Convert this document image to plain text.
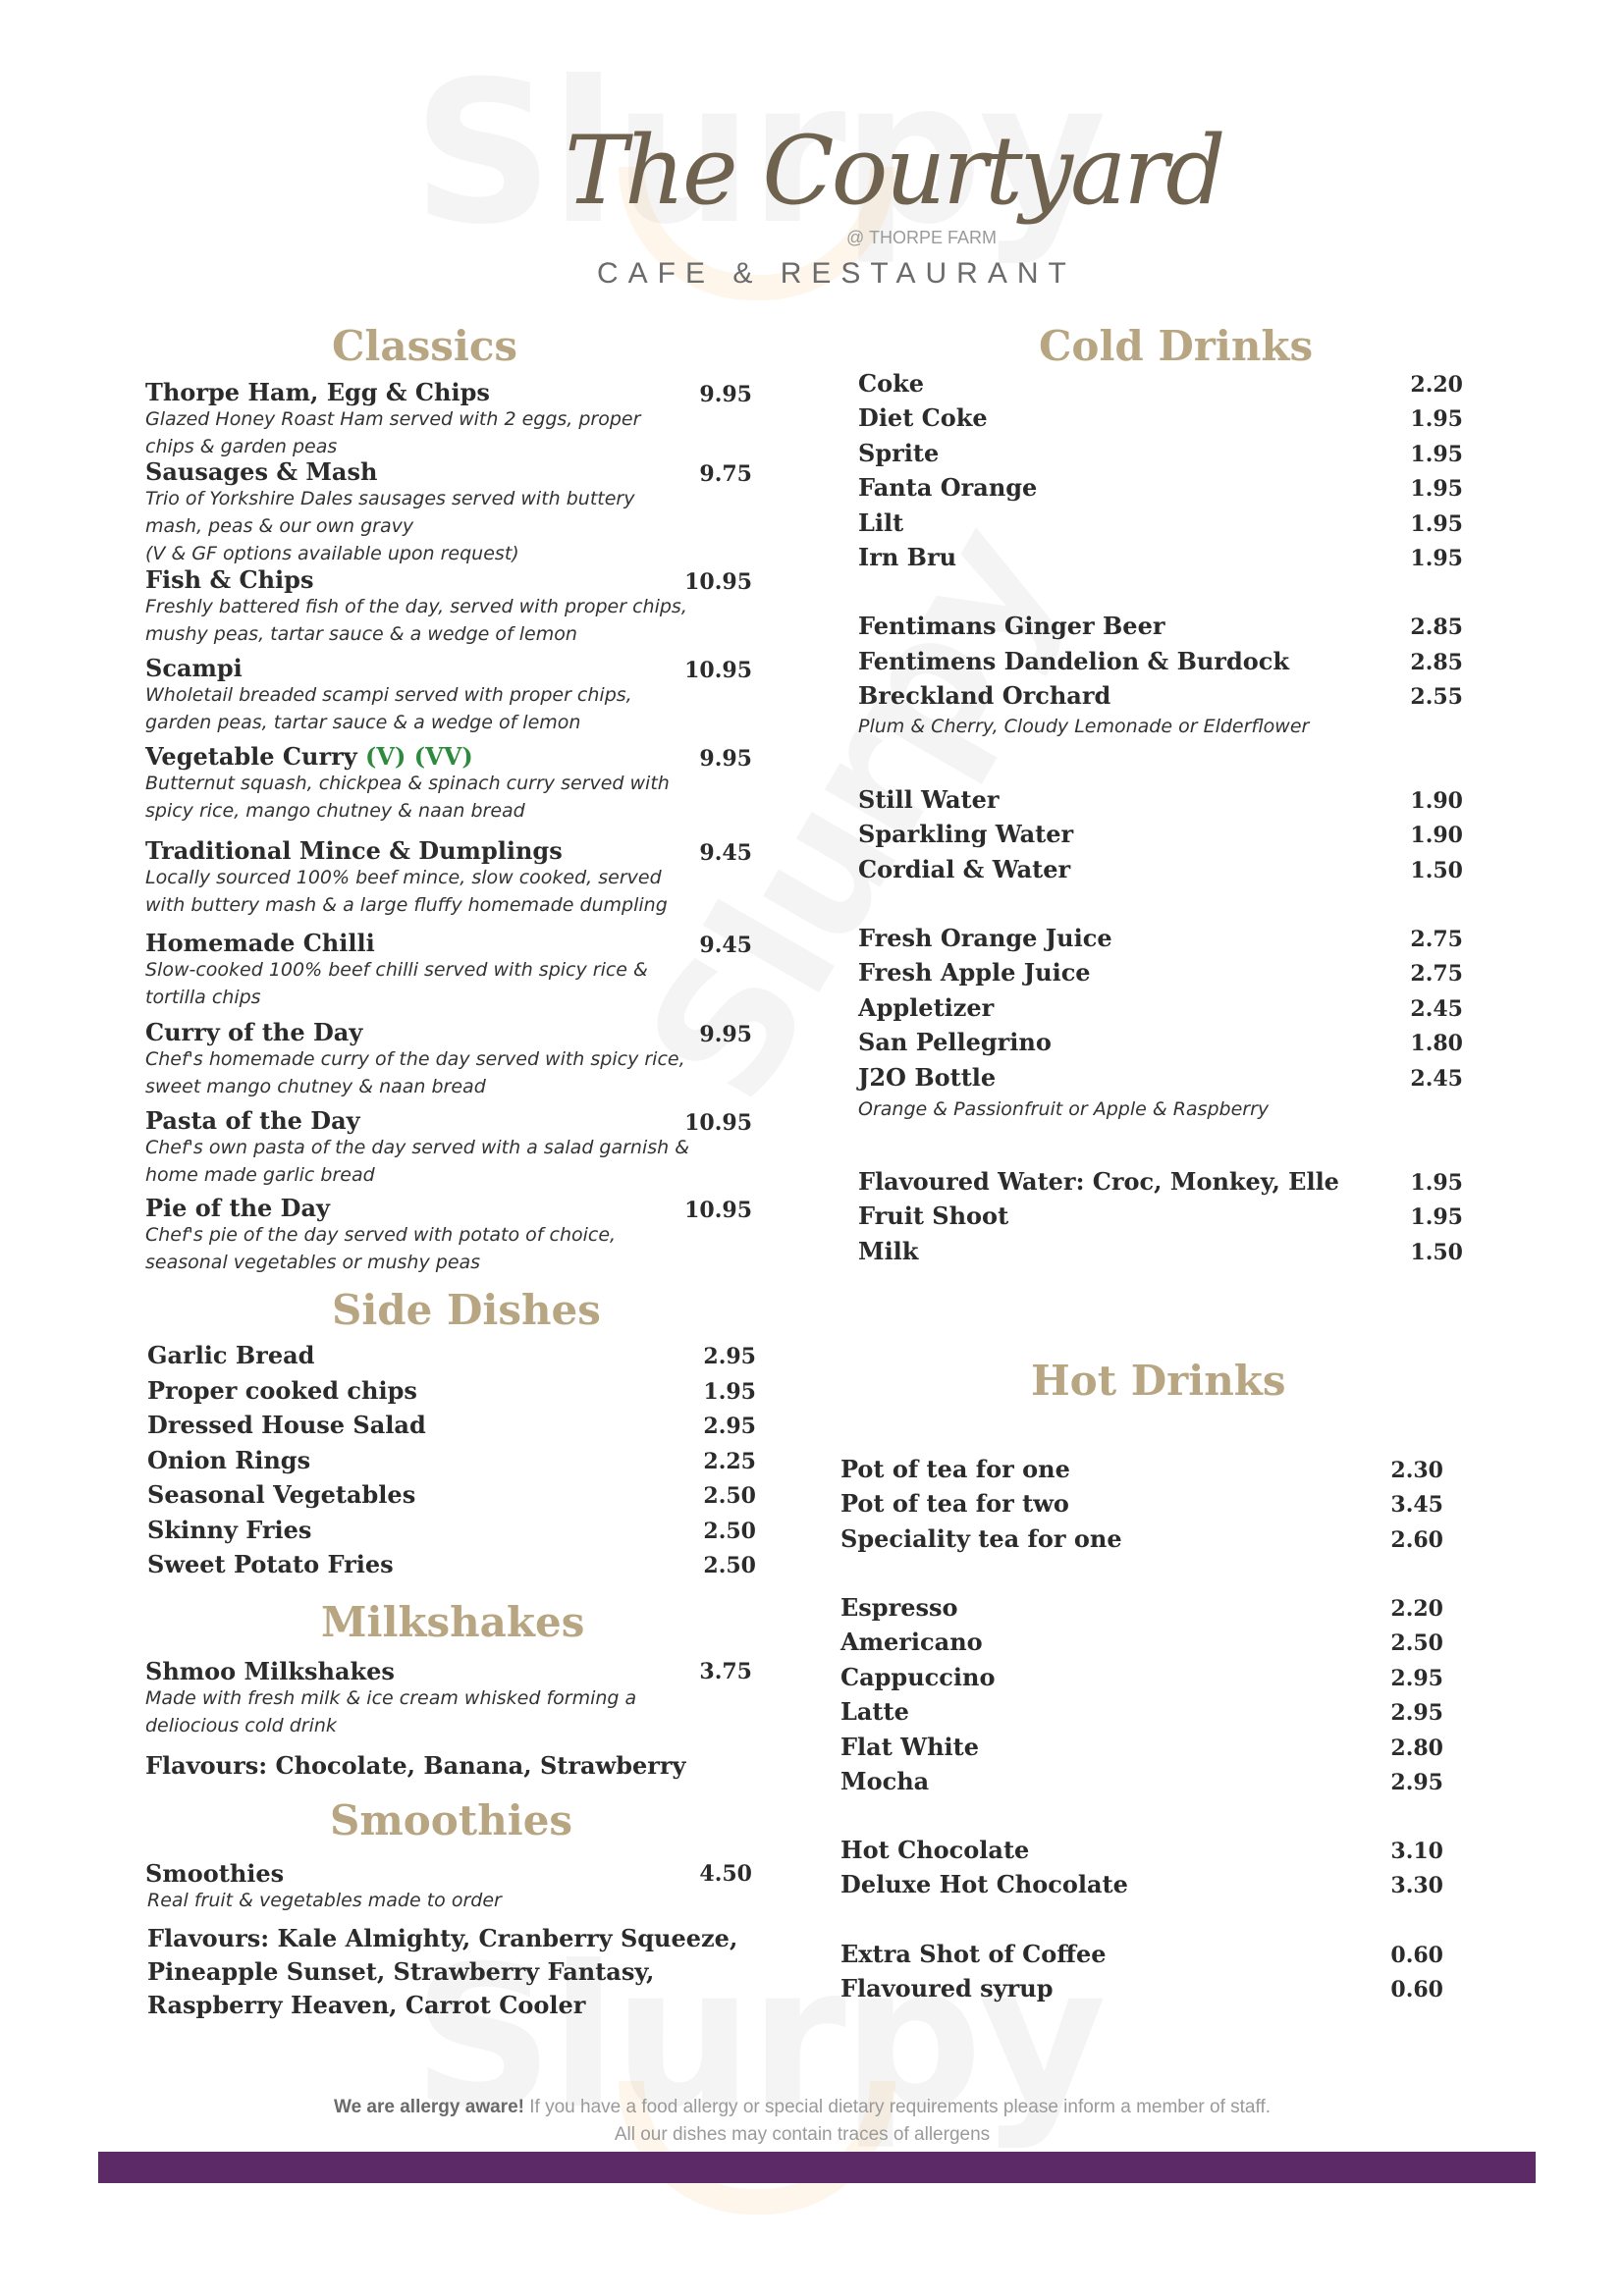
The Courtyard
@ THORPE FARM
CAFE & RESTAURANT
Classics
Side Dishes
Milkshakes
Shmoo Milkshakes	3.75
Made with fresh milk & ice cream whisked forming a deliocious cold drink
Flavours: Chocolate, Banana, Strawberry
Smoothies
Smoothies	4.50
Real fruit & vegetables made to order
Flavours: Kale Almighty, Cranberry Squeeze, Pineapple Sunset, Strawberry Fantasy, Raspberry Heaven, Carrot Cooler
Cold Drinks
Plum & Cherry, Cloudy Lemonade or Elderflower
Orange & Passionfruit or Apple & Raspberry
Hot Drinks
We are allergy aware! If you have a food allergy or special dietary requirements please inform a member of staff.
All our dishes may contain traces of allergens
Thorpe Ham, Egg & Chips	9.95
Glazed Honey Roast Ham served with 2 eggs, proper chips & garden peas
Sausages & Mash	9.75
Trio of Yorkshire Dales sausages served with buttery mash, peas & our own gravy
(V & GF options available upon request)
Fish & Chips	10.95
Freshly battered fish of the day, served with proper chips, mushy peas, tartar sauce & a wedge of lemon
Scampi	10.95
Wholetail breaded scampi served with proper chips, garden peas, tartar sauce & a wedge of lemon
Vegetable Curry (V) (VV)	9.95
Butternut squash, chickpea & spinach curry served with spicy rice, mango chutney & naan bread
Traditional Mince & Dumplings	9.45
Locally sourced 100% beef mince, slow cooked, served with buttery mash & a large fluffy homemade dumpling
Homemade Chilli	9.45
Slow-cooked 100% beef chilli served with spicy rice & tortilla chips
Curry of the Day	9.95
Chef's homemade curry of the day served with spicy rice, sweet mango chutney & naan bread
Pasta of the Day	10.95
Chef's own pasta of the day served with a salad garnish & home made garlic bread
Pie of the Day	10.95
Chef's pie of the day served with potato of choice, seasonal vegetables or mushy peas
Garlic Bread	2.95
Proper cooked chips	1.95
Dressed House Salad	2.95
Onion Rings	2.25
Seasonal Vegetables	2.50
Skinny Fries	2.50
Sweet Potato Fries	2.50
Coke	2.20
Diet Coke	1.95
Sprite	1.95
Fanta Orange	1.95
Lilt	1.95
Irn Bru	1.95
Fentimans Ginger Beer	2.85
Fentimens Dandelion & Burdock	2.85
Breckland Orchard	2.55
Still Water	1.90
Sparkling Water	1.90
Cordial & Water	1.50
Fresh Orange Juice	2.75
Fresh Apple Juice	2.75
Appletizer	2.45
San Pellegrino	1.80
J2O Bottle	2.45
Flavoured Water: Croc, Monkey, Elle	1.95
Fruit Shoot	1.95
Milk	1.50
Pot of tea for one	2.30
Pot of tea for two	3.45
Speciality tea for one	2.60
Espresso	2.20
Americano	2.50
Cappuccino	2.95
Latte	2.95
Flat White	2.80
Mocha	2.95
Hot Chocolate	3.10
Deluxe Hot Chocolate	3.30
Extra Shot of Coffee	0.60
Flavoured syrup	0.60
